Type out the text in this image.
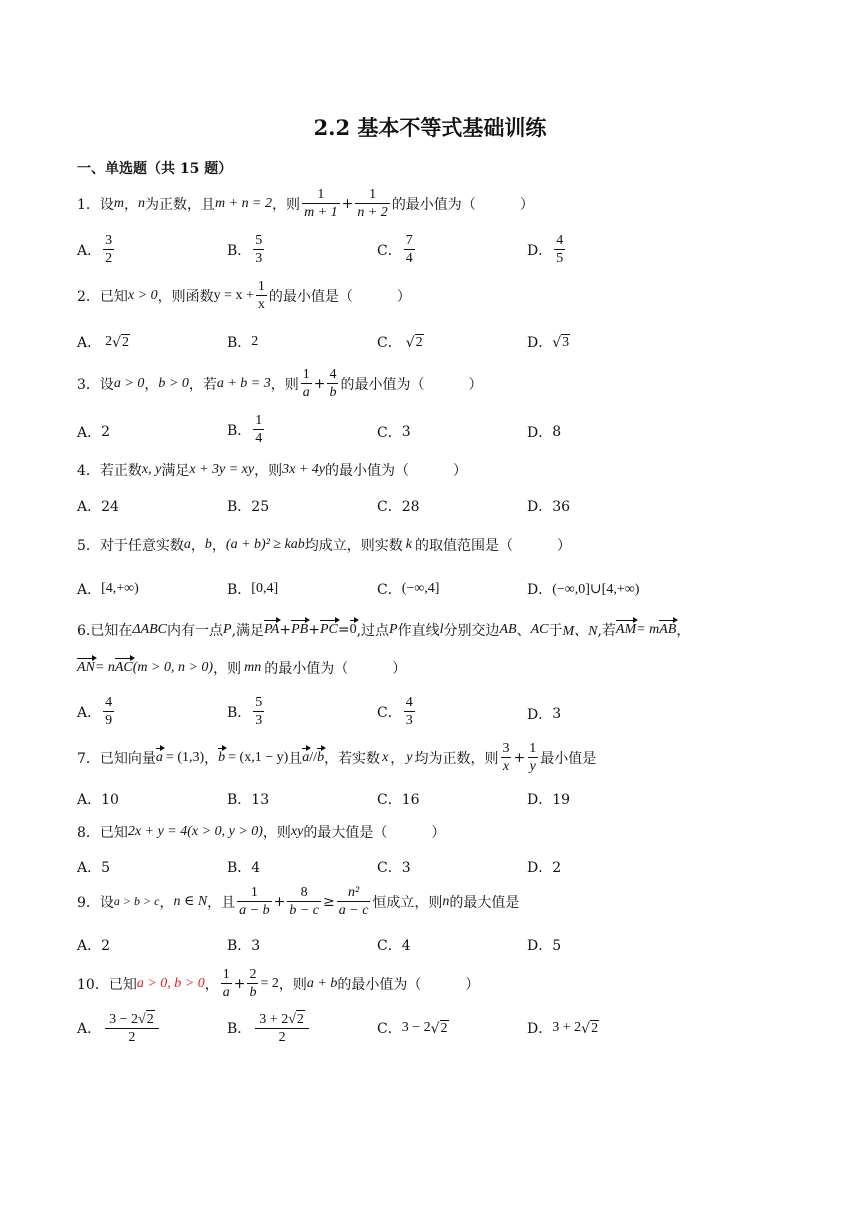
2.2 基本不等式基础训练
一、单选题（共 15 题）
1．设 m ， n 为正数，且 m + n = 2 ，则 $\frac{1}{m + 1} + \frac{1}{n + 2}$ 的最小值为（	）
A． $\frac{3}{2}$	B． $\frac{5}{3}$	C． $\frac{7}{4}$	D． $\frac{4}{5}$
2．已知 x > 0 ，则函数 $y = x + \frac{1}{x}$ 的最小值是（	）
A． 2 √ 2	B． 2	C． √ 2	D． √ 3
3．设 a > 0 ， b > 0 ，若 a + b = 3 ，则 $\frac{1}{a} + \frac{4}{b}$ 的最小值为（	）
A． 2	B． $\frac{1}{4}$	C． 3	D． 8
4．若正数 x, y 满足 x + 3y = xy ，则 3x + 4y 的最小值为（	）
A．24	B．25	C．28	D．36
5．对于任意实数 a ， b ， (a + b)² ≥ kab 均成立，则实数 k 的取值范围是（	）
A． [4,+∞)	B． [0,4]	C． (−∞,4]	D． (−∞,0]∪[4,+∞)
6.已知在 ΔABC 内有一点 P ,满足 PA + PB + PC = 0 ,过点 P 作直线 l 分别交边 AB 、 AC 于 M、N ,若 AM = m AB ，
AN = n AC (m > 0, n > 0) ，则 mn 的最小值为（	）
A． $\frac{4}{9}$	B． $\frac{5}{3}$	C． $\frac{4}{3}$	D． 3
7．已知向量 a = (1,3) ， b = (x,1 − y) 且 a // b ，若实数 x ， y 均为正数，则 $\frac{3}{x} + \frac{1}{y}$ 最小值是
A．10	B．13	C．16	D．19
8．已知 2x + y = 4(x > 0, y > 0) ，则 xy 的最大值是（	）
A．5	B．4	C．3	D．2
9．设 a > b > c ， n ∈ N ，且 $\frac{1}{a - b} + \frac{8}{b - c} \ge \frac{\text{n²}}{a - c}$ 恒成立，则 n 的最大值是
A．2	B．3	C．4	D．5
10．已知 a > 0, b > 0 ， $\frac{1}{a} + \frac{2}{b} = 2$ ，则 a + b 的最小值为（	）
A． $\frac{3 - 2√ 2}{2}$	B． $\frac{3 + 2√ 2}{2}$	C． 3 − 2 √ 2	D． 3 + 2 √ 2
